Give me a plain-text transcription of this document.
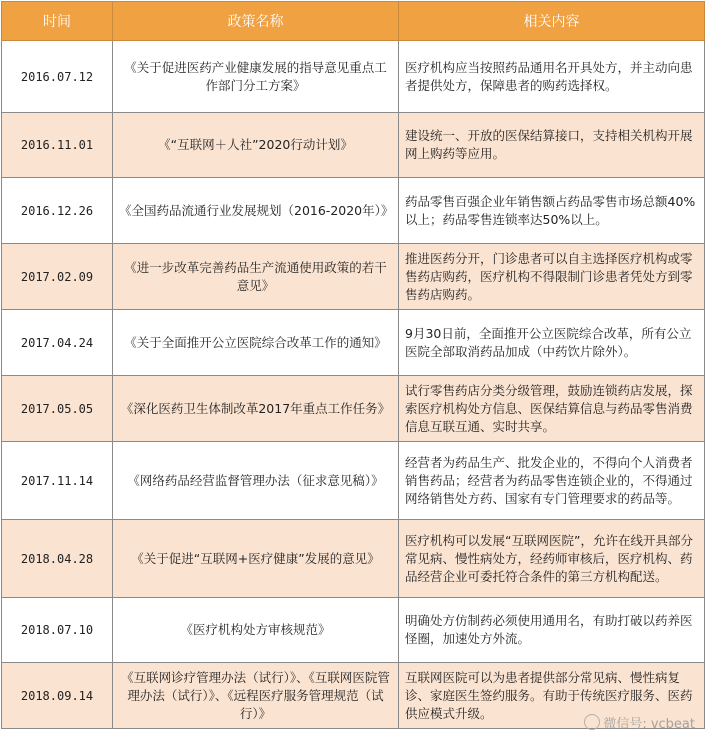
时间	政策名称	相关内容
2016.07.12	《关于促进医药产业健康发展的指导意见重点工作部门分工方案》	医疗机构应当按照药品通用名开具处方，并主动向患者提供处方，保障患者的购药选择权。
2016.11.01	《“互联网＋人社”2020行动计划》	建设统一、开放的医保结算接口，支持相关机构开展网上购药等应用。
2016.12.26	《全国药品流通行业发展规划（2016-2020年）》	药品零售百强企业年销售额占药品零售市场总额40%以上；药品零售连锁率达50%以上。
2017.02.09	《进一步改革完善药品生产流通使用政策的若干意见》	推进医药分开，门诊患者可以自主选择医疗机构或零售药店购药，医疗机构不得限制门诊患者凭处方到零售药店购药。
2017.04.24	《关于全面推开公立医院综合改革工作的通知》	9月30日前，全面推开公立医院综合改革，所有公立医院全部取消药品加成（中药饮片除外）。
2017.05.05	《深化医药卫生体制改革2017年重点工作任务》	试行零售药店分类分级管理，鼓励连锁药店发展，探索医疗机构处方信息、医保结算信息与药品零售消费信息互联互通、实时共享。
2017.11.14	《网络药品经营监督管理办法（征求意见稿）》	经营者为药品生产、批发企业的，不得向个人消费者销售药品；经营者为药品零售连锁企业的，不得通过网络销售处方药、国家有专门管理要求的药品等。
2018.04.28	《关于促进“互联网+医疗健康”发展的意见》	医疗机构可以发展“互联网医院”，允许在线开具部分常见病、慢性病处方，经药师审核后，医疗机构、药品经营企业可委托符合条件的第三方机构配送。
2018.07.10	《医疗机构处方审核规范》	明确处方仿制药必须使用通用名，有助打破以药养医怪圈，加速处方外流。
2018.09.14	《互联网诊疗管理办法（试行）》、《互联网医院管理办法（试行）》、《远程医疗服务管理规范（试行）》	互联网医院可以为患者提供部分常见病、慢性病复诊、家庭医生签约服务。有助于传统医疗服务、医药供应模式升级。
微信号: vcbeat
